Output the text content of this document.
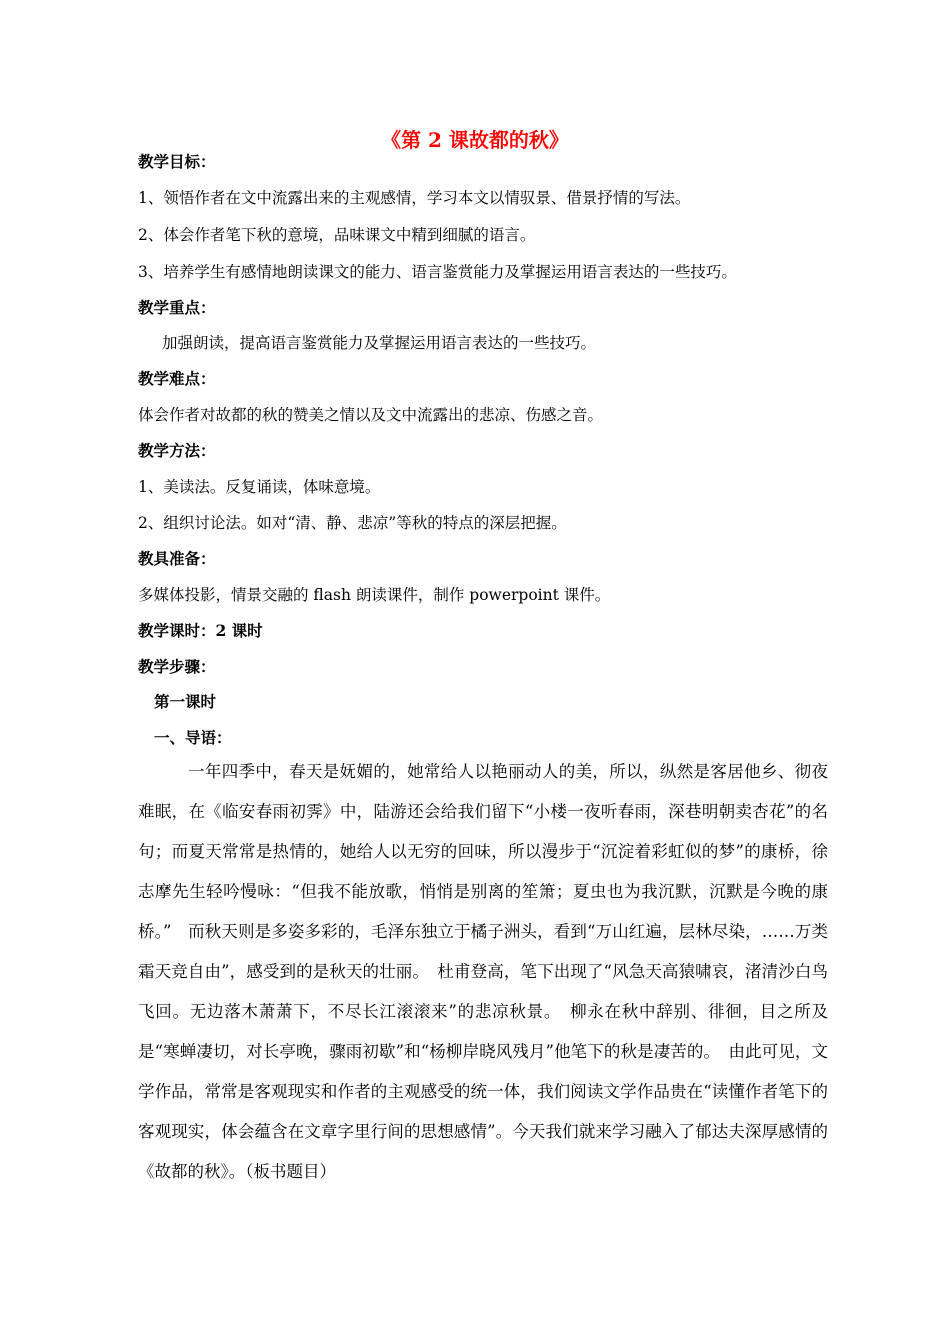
《第 2 课故都的秋》
教学目标：
1、领悟作者在文中流露出来的主观感情，学习本文以情驭景、借景抒情的写法。
2、体会作者笔下秋的意境，品味课文中精到细腻的语言。
3、培养学生有感情地朗读课文的能力、语言鉴赏能力及掌握运用语言表达的一些技巧。
教学重点：
加强朗读，提高语言鉴赏能力及掌握运用语言表达的一些技巧。
教学难点：
体会作者对故都的秋的赞美之情以及文中流露出的悲凉、伤感之音。
教学方法：
1、美读法。反复诵读，体味意境。
2、组织讨论法。如对“清、静、悲凉”等秋的特点的深层把握。
教具准备：
多媒体投影，情景交融的 flash 朗读课件，制作 powerpoint 课件。
教学课时：2 课时
教学步骤：
第一课时
一、导语：
一年四季中，春天是妩媚的，她常给人以艳丽动人的美，所以，纵然是客居他乡、彻夜难眠，在《临安春雨初霁》中，陆游还会给我们留下“小楼一夜听春雨，深巷明朝卖杏花”的名句；而夏天常常是热情的，她给人以无穷的回味，所以漫步于“沉淀着彩虹似的梦”的康桥，徐志摩先生轻吟慢咏：“但我不能放歌，悄悄是别离的笙箫；夏虫也为我沉默，沉默是今晚的康桥。”　而秋天则是多姿多彩的，毛泽东独立于橘子洲头，看到“万山红遍，层林尽染，……万类霜天竞自由”，感受到的是秋天的壮丽。　杜甫登高，笔下出现了“风急天高猿啸哀，渚清沙白鸟飞回。无边落木萧萧下，不尽长江滚滚来”的悲凉秋景。　柳永在秋中辞别、徘徊，目之所及是“寒蝉凄切，对长亭晚，骤雨初歇”和“杨柳岸晓风残月”他笔下的秋是凄苦的。　由此可见，文学作品，常常是客观现实和作者的主观感受的统一体，我们阅读文学作品贵在“读懂作者笔下的客观现实，体会蕴含在文章字里行间的思想感情”。今天我们就来学习融入了郁达夫深厚感情的《故都的秋》。（板书题目）
